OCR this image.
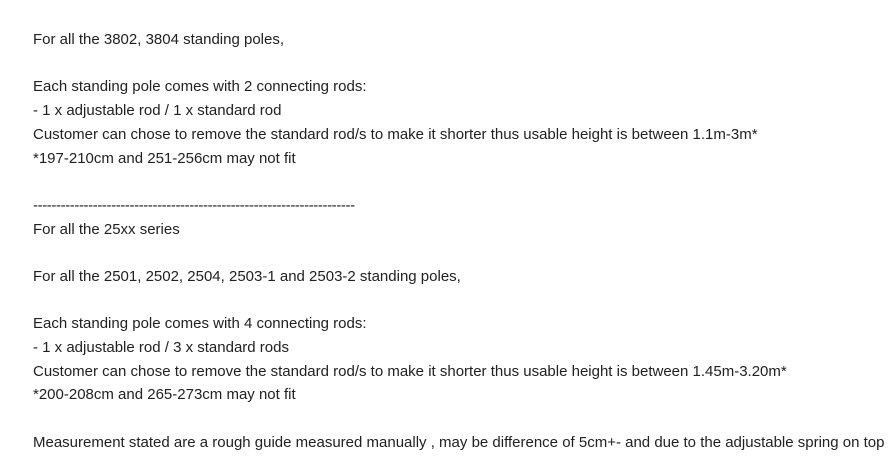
For all the 3802, 3804 standing poles,
Each standing pole comes with 2 connecting rods:
- 1 x adjustable rod / 1 x standard rod
Customer can chose to remove the standard rod/s to make it shorter thus usable height is between 1.1m-3m*
*197-210cm and 251-256cm may not fit
----------------------------------------------------------------------
For all the 25xx series
For all the 2501, 2502, 2504, 2503-1 and 2503-2 standing poles,
Each standing pole comes with 4 connecting rods:
- 1 x adjustable rod / 3 x standard rods
Customer can chose to remove the standard rod/s to make it shorter thus usable height is between 1.45m-3.20m*
*200-208cm and 265-273cm may not fit
Measurement stated are a rough guide measured manually , may be difference of 5cm+- and due to the adjustable spring on top
